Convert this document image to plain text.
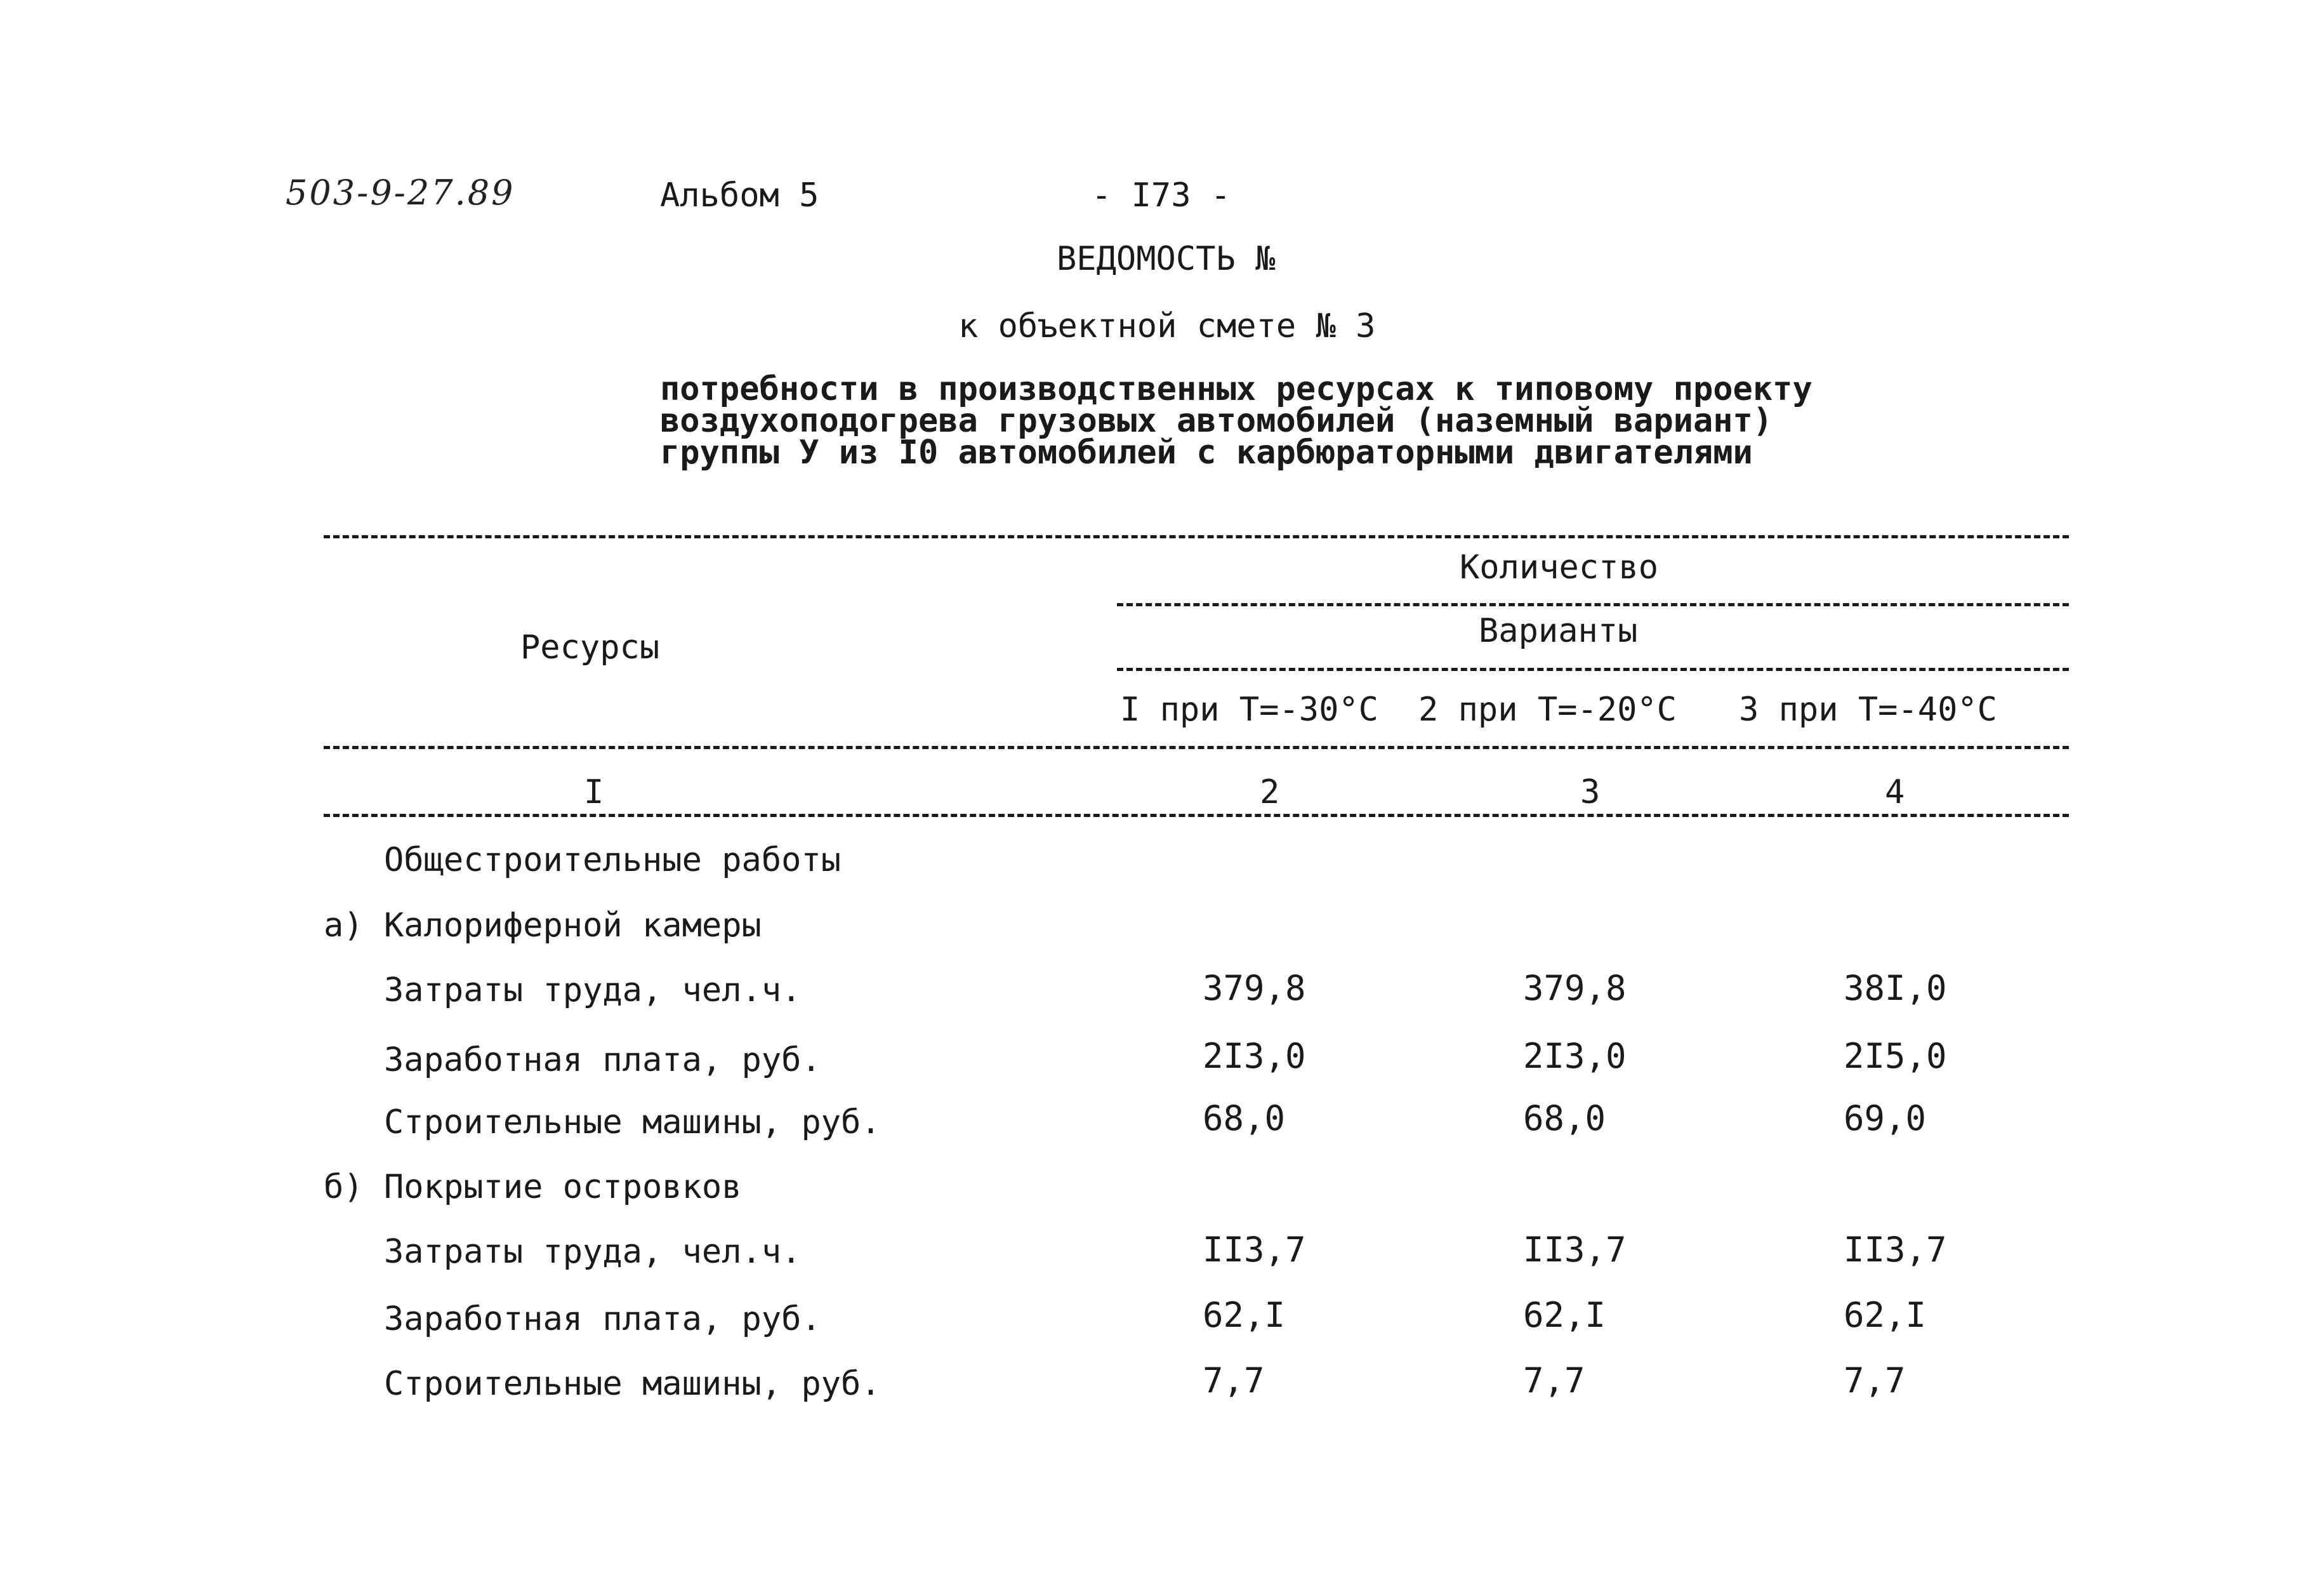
503-9-27.89	Альбом 5	- I73 -
ВЕДОМОСТЬ №
к объектной смете № 3
потребности в производственных ресурсах к типовому проекту
воздухоподогрева грузовых автомобилей (наземный вариант)
группы У из I0 автомобилей с карбюраторными двигателями
Ресурсы
Количество
Варианты
I при Т=-30°С 2 при Т=-20°С 3 при Т=-40°С
I	2	3	4
Общестроительные работы
а) Калориферной камеры
Затраты труда, чел.ч.	379,8	379,8	38I,0
Заработная плата, руб.	2I3,0	2I3,0	2I5,0
Строительные машины, руб.	68,0	68,0	69,0
б) Покрытие островков
Затраты труда, чел.ч.	II3,7	II3,7	II3,7
Заработная плата, руб.	62,I	62,I	62,I
Строительные машины, руб.	7,7	7,7	7,7
